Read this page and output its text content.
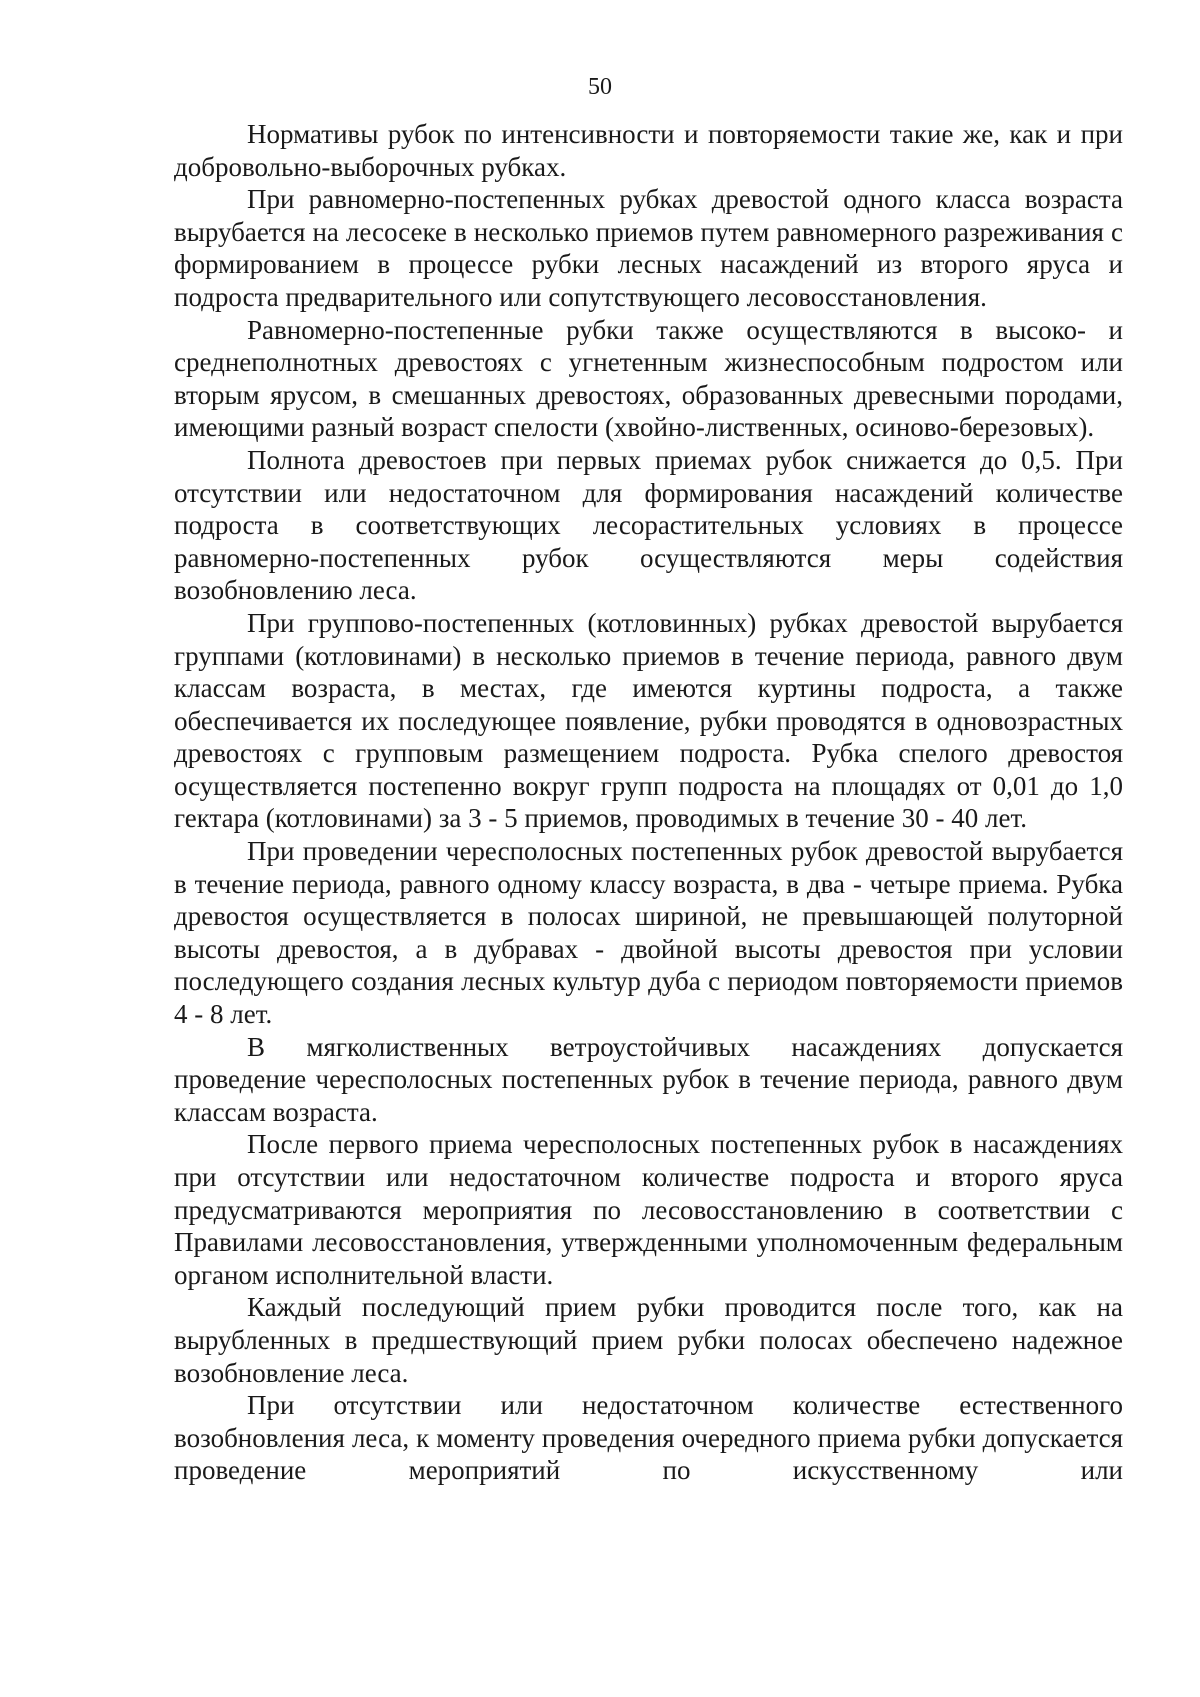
50

Нормативы рубок по интенсивности и повторяемости такие же, как и при добровольно-выборочных рубках.

При равномерно-постепенных рубках древостой одного класса возраста вырубается на лесосеке в несколько приемов путем равномерного разреживания с формированием в процессе рубки лесных насаждений из второго яруса и подроста предварительного или сопутствующего лесовосстановления.

Равномерно-постепенные рубки также осуществляются в высоко- и среднеполнотных древостоях с угнетенным жизнеспособным подростом или вторым ярусом, в смешанных древостоях, образованных древесными породами, имеющими разный возраст спелости (хвойно-лиственных, осиново-березовых).

Полнота древостоев при первых приемах рубок снижается до 0,5. При отсутствии или недостаточном для формирования насаждений количестве подроста в соответствующих лесорастительных условиях в процессе равномерно-постепенных рубок осуществляются меры содействия возобновлению леса.

При группово-постепенных (котловинных) рубках древостой вырубается группами (котловинами) в несколько приемов в течение периода, равного двум классам возраста, в местах, где имеются куртины подроста, а также обеспечивается их последующее появление, рубки проводятся в одновозрастных древостоях с групповым размещением подроста. Рубка спелого древостоя осуществляется постепенно вокруг групп подроста на площадях от 0,01 до 1,0 гектара (котловинами) за 3 - 5 приемов, проводимых в течение 30 - 40 лет.

При проведении чересполосных постепенных рубок древостой вырубается в течение периода, равного одному классу возраста, в два - четыре приема. Рубка древостоя осуществляется в полосах шириной, не превышающей полуторной высоты древостоя, а в дубравах - двойной высоты древостоя при условии последующего создания лесных культур дуба с периодом повторяемости приемов 4 - 8 лет.

В мягколиственных ветроустойчивых насаждениях допускается проведение чересполосных постепенных рубок в течение периода, равного двум классам возраста.

После первого приема чересполосных постепенных рубок в насаждениях при отсутствии или недостаточном количестве подроста и второго яруса предусматриваются мероприятия по лесовосстановлению в соответствии с Правилами лесовосстановления, утвержденными уполномоченным федеральным органом исполнительной власти.

Каждый последующий прием рубки проводится после того, как на вырубленных в предшествующий прием рубки полосах обеспечено надежное возобновление леса.

При отсутствии или недостаточном количестве естественного возобновления леса, к моменту проведения очередного приема рубки допускается проведение мероприятий по искусственному или
